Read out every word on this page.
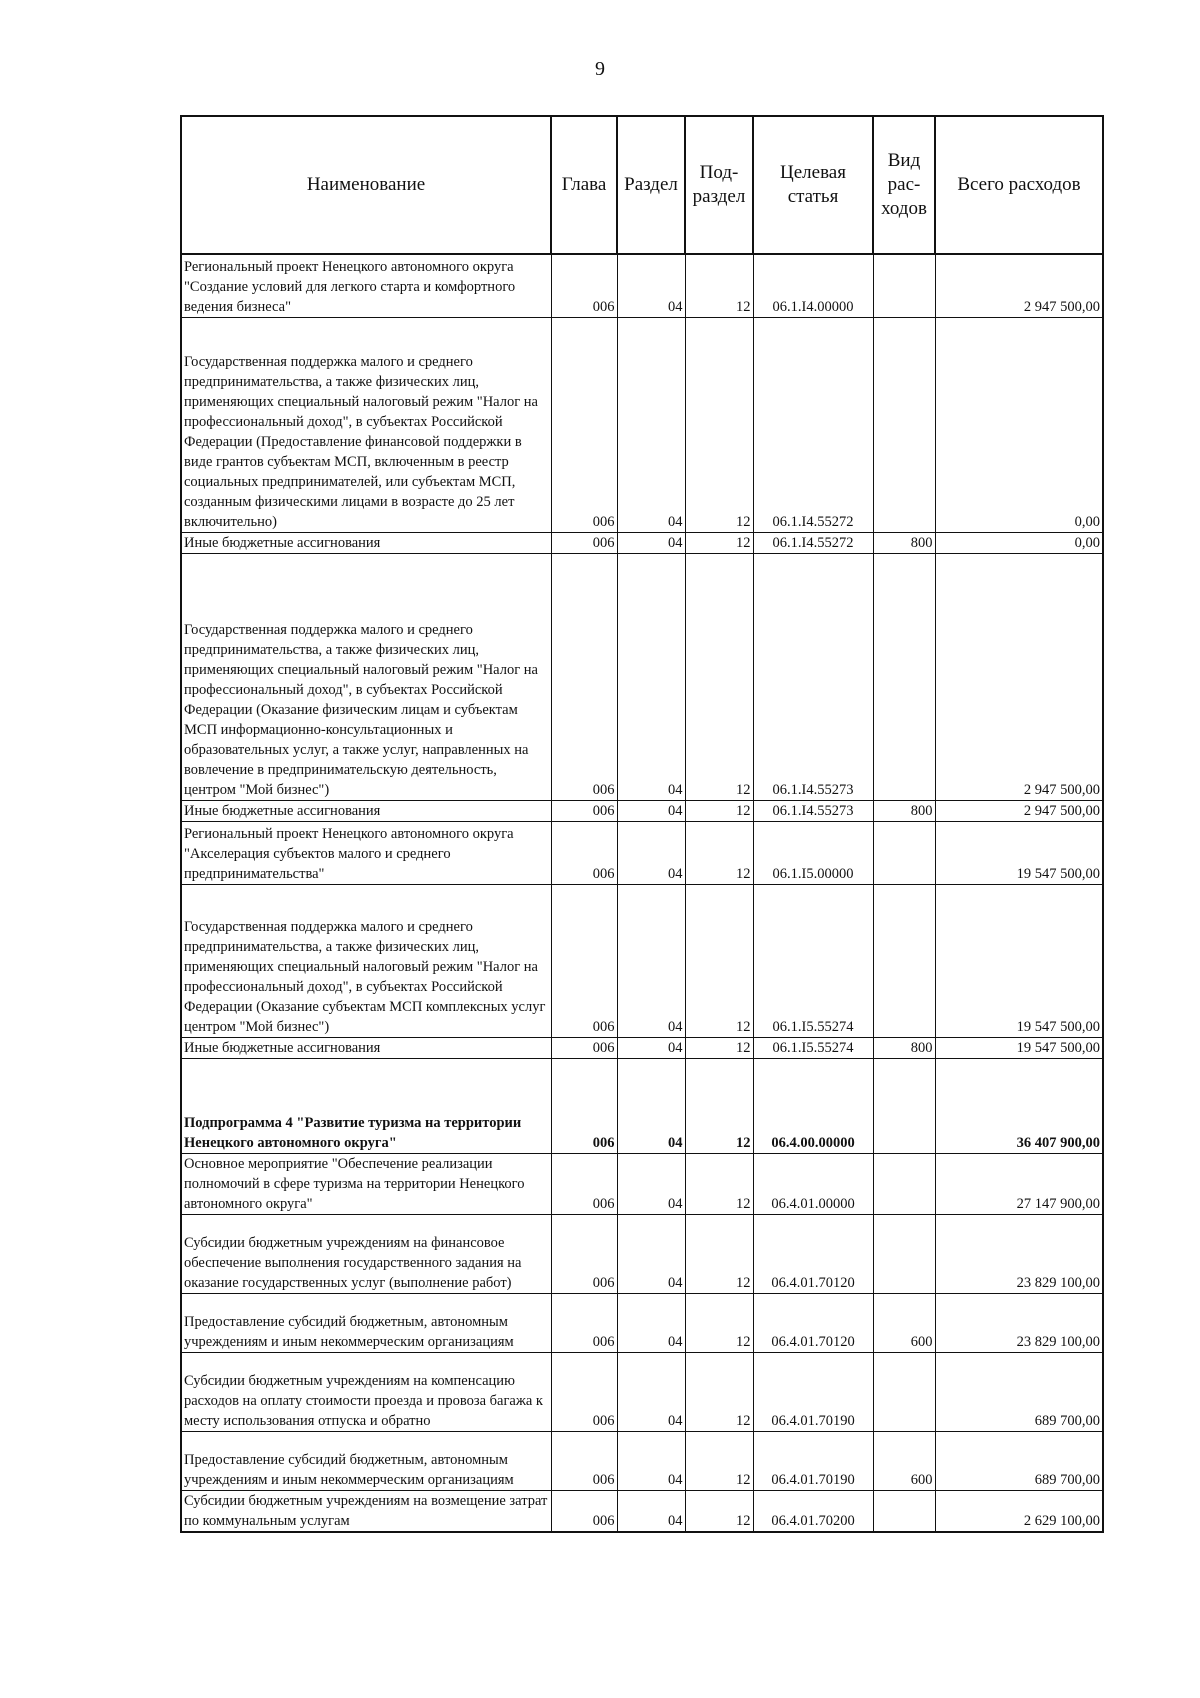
9
Наименование	Глава	Раздел	Под-раздел	Целевая статья	Вид рас-ходов	Всего расходов
Региональный проект Ненецкого автономного округа "Создание условий для легкого старта и комфортного ведения бизнеса"	006	04	12	06.1.I4.00000		2 947 500,00
Государственная поддержка малого и среднего предпринимательства, а также физических лиц, применяющих специальный налоговый режим "Налог на профессиональный доход", в субъектах Российской Федерации (Предоставление финансовой поддержки в виде грантов субъектам МСП, включенным в реестр социальных предпринимателей, или субъектам МСП, созданным физическими лицами в возрасте до 25 лет включительно)	006	04	12	06.1.I4.55272		0,00
Иные бюджетные ассигнования	006	04	12	06.1.I4.55272	800	0,00
Государственная поддержка малого и среднего предпринимательства, а также физических лиц, применяющих специальный налоговый режим "Налог на профессиональный доход", в субъектах Российской Федерации (Оказание физическим лицам и субъектам МСП информационно-консультационных и образовательных услуг, а также услуг, направленных на вовлечение в предпринимательскую деятельность, центром "Мой бизнес")	006	04	12	06.1.I4.55273		2 947 500,00
Иные бюджетные ассигнования	006	04	12	06.1.I4.55273	800	2 947 500,00
Региональный проект Ненецкого автономного округа "Акселерация субъектов малого и среднего предпринимательства"	006	04	12	06.1.I5.00000		19 547 500,00
Государственная поддержка малого и среднего предпринимательства, а также физических лиц, применяющих специальный налоговый режим "Налог на профессиональный доход", в субъектах Российской Федерации (Оказание субъектам МСП комплексных услуг центром "Мой бизнес")	006	04	12	06.1.I5.55274		19 547 500,00
Иные бюджетные ассигнования	006	04	12	06.1.I5.55274	800	19 547 500,00
Подпрограмма 4 "Развитие туризма на территории Ненецкого автономного округа"	006	04	12	06.4.00.00000		36 407 900,00
Основное мероприятие "Обеспечение реализации полномочий в сфере туризма на территории Ненецкого автономного округа"	006	04	12	06.4.01.00000		27 147 900,00
Субсидии бюджетным учреждениям на финансовое обеспечение выполнения государственного задания на оказание государственных услуг (выполнение работ)	006	04	12	06.4.01.70120		23 829 100,00
Предоставление субсидий бюджетным, автономным учреждениям и иным некоммерческим организациям	006	04	12	06.4.01.70120	600	23 829 100,00
Субсидии бюджетным учреждениям на компенсацию расходов на оплату стоимости проезда и провоза багажа к месту использования отпуска и обратно	006	04	12	06.4.01.70190		689 700,00
Предоставление субсидий бюджетным, автономным учреждениям и иным некоммерческим организациям	006	04	12	06.4.01.70190	600	689 700,00
Субсидии бюджетным учреждениям на возмещение затрат по коммунальным услугам	006	04	12	06.4.01.70200		2 629 100,00
